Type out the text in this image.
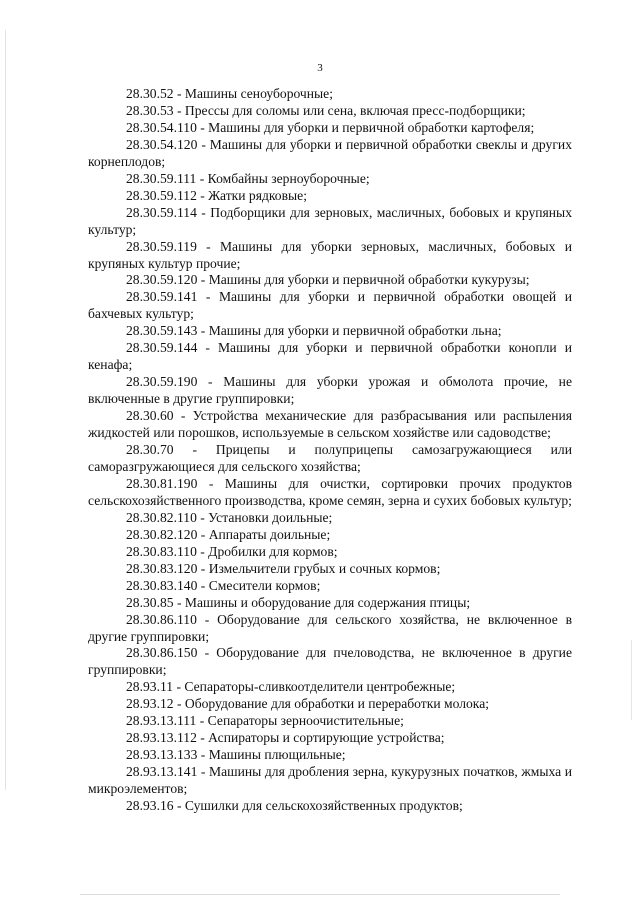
3

28.30.52 - Машины сеноуборочные;

28.30.53 - Прессы для соломы или сена, включая пресс-подборщики;

28.30.54.110 - Машины для уборки и первичной обработки картофеля;

28.30.54.120 - Машины для уборки и первичной обработки свеклы и других корнеплодов;

28.30.59.111 - Комбайны зерноуборочные;

28.30.59.112 - Жатки рядковые;

28.30.59.114 - Подборщики для зерновых, масличных, бобовых и крупяных культур;

28.30.59.119 - Машины для уборки зерновых, масличных, бобовых и крупяных культур прочие;

28.30.59.120 - Машины для уборки и первичной обработки кукурузы;

28.30.59.141 - Машины для уборки и первичной обработки овощей и бахчевых культур;

28.30.59.143 - Машины для уборки и первичной обработки льна;

28.30.59.144 - Машины для уборки и первичной обработки конопли и кенафа;

28.30.59.190 - Машины для уборки урожая и обмолота прочие, не включенные в другие группировки;

28.30.60 - Устройства механические для разбрасывания или распыления жидкостей или порошков, используемые в сельском хозяйстве или садоводстве;

28.30.70 - Прицепы и полуприцепы самозагружающиеся или саморазгружающиеся для сельского хозяйства;

28.30.81.190 - Машины для очистки, сортировки прочих продуктов сельскохозяйственного производства, кроме семян, зерна и сухих бобовых культур;

28.30.82.110 - Установки доильные;

28.30.82.120 - Аппараты доильные;

28.30.83.110 - Дробилки для кормов;

28.30.83.120 - Измельчители грубых и сочных кормов;

28.30.83.140 - Смесители кормов;

28.30.85 - Машины и оборудование для содержания птицы;

28.30.86.110 - Оборудование для сельского хозяйства, не включенное в другие группировки;

28.30.86.150 - Оборудование для пчеловодства, не включенное в другие группировки;

28.93.11 - Сепараторы-сливкоотделители центробежные;

28.93.12 - Оборудование для обработки и переработки молока;

28.93.13.111 - Сепараторы зерноочистительные;

28.93.13.112 - Аспираторы и сортирующие устройства;

28.93.13.133 - Машины плющильные;

28.93.13.141 - Машины для дробления зерна, кукурузных початков, жмыха и микроэлементов;

28.93.16 - Сушилки для сельскохозяйственных продуктов;
